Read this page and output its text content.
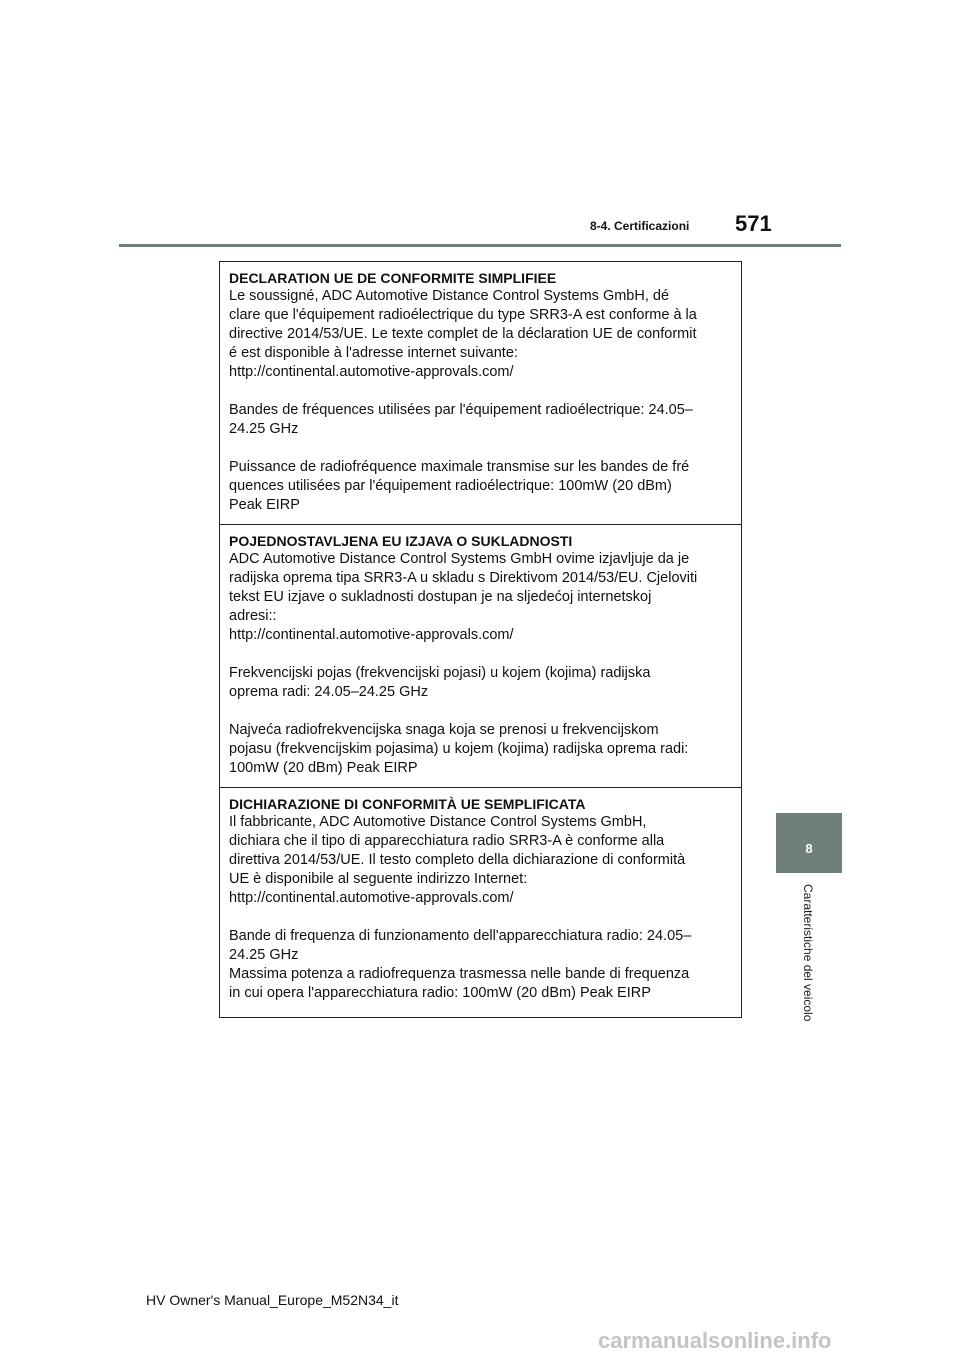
8-4. Certificazioni 571
8
Caratteristiche del veicolo
DECLARATION UE DE CONFORMITE SIMPLIFIEE

Le soussigné, ADC Automotive Distance Control Systems GmbH, dé
clare que l'équipement radioélectrique du type SRR3-A est conforme à la
directive 2014/53/UE. Le texte complet de la déclaration UE de conformit
é est disponible à l'adresse internet suivante:
http://continental.automotive-approvals.com/

Bandes de fréquences utilisées par l'équipement radioélectrique: 24.05–
24.25 GHz

Puissance de radiofréquence maximale transmise sur les bandes de fré
quences utilisées par l'équipement radioélectrique: 100mW (20 dBm)
Peak EIRP

POJEDNOSTAVLJENA EU IZJAVA O SUKLADNOSTI

ADC Automotive Distance Control Systems GmbH ovime izjavljuje da je
radijska oprema tipa SRR3-A u skladu s Direktivom 2014/53/EU. Cjeloviti
tekst EU izjave o sukladnosti dostupan je na sljedećoj internetskoj
adresi::
http://continental.automotive-approvals.com/

Frekvencijski pojas (frekvencijski pojasi) u kojem (kojima) radijska
oprema radi: 24.05–24.25 GHz

Najveća radiofrekvencijska snaga koja se prenosi u frekvencijskom
pojasu (frekvencijskim pojasima) u kojem (kojima) radijska oprema radi:
100mW (20 dBm) Peak EIRP

DICHIARAZIONE DI CONFORMITÀ UE SEMPLIFICATA

Il fabbricante, ADC Automotive Distance Control Systems GmbH,
dichiara che il tipo di apparecchiatura radio SRR3-A è conforme alla
direttiva 2014/53/UE. Il testo completo della dichiarazione di conformità
UE è disponibile al seguente indirizzo Internet:
http://continental.automotive-approvals.com/

Bande di frequenza di funzionamento dell'apparecchiatura radio: 24.05–
24.25 GHz
Massima potenza a radiofrequenza trasmessa nelle bande di frequenza
in cui opera l'apparecchiatura radio: 100mW (20 dBm) Peak EIRP

HV Owner's Manual_Europe_M52N34_it
carmanualsonline.info
